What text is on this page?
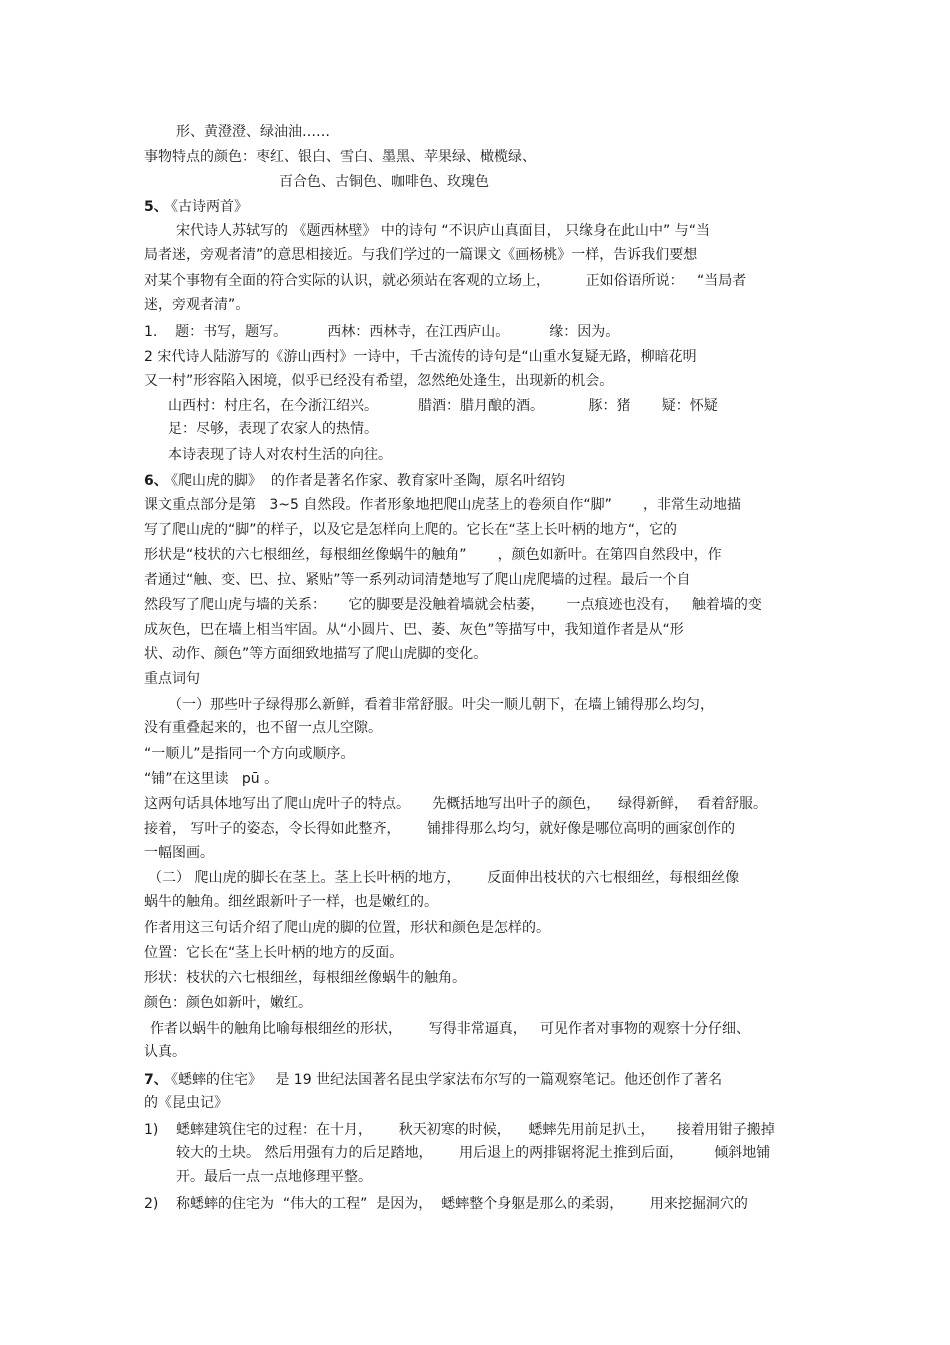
形、黄澄澄、绿油油……

事物特点的颜色：枣红、银白、雪白、墨黑、苹果绿、橄榄绿、

百合色、古铜色、咖啡色、玫瑰色

5、

《古诗两首》

宋代诗人苏轼写的 《题西林壁》 中的诗句 “不识庐山真面目， 只缘身在此山中” 与“当

局者迷，旁观者清”的意思相接近。与我们学过的一篇课文《画杨桃》一样，告诉我们要想

对某个事物有全面的符合实际的认识，就必须站在客观的立场上，        正如俗语所说：   “当局者

迷，旁观者清”。

1.    题：书写，题写。         西林：西林寺，在江西庐山。         缘：因为。

2 宋代诗人陆游写的《游山西村》一诗中，千古流传的诗句是“山重水复疑无路，柳暗花明

又一村”形容陷入困境，似乎已经没有希望，忽然绝处逢生，出现新的机会。

山西村：村庄名，在今浙江绍兴。         腊酒：腊月酿的酒。          豚：猪       疑：怀疑

足：尽够，表现了农家人的热情。

本诗表现了诗人对农村生活的向往。

6、

《爬山虎的脚》  的作者是著名作家、教育家叶圣陶，原名叶绍钧

课文重点部分是第   3~5 自然段。作者形象地把爬山虎茎上的卷须自作“脚”       ，非常生动地描

写了爬山虎的“脚”的样子，以及它是怎样向上爬的。它长在“茎上长叶柄的地方“，它的

形状是“枝状的六七根细丝，每根细丝像蜗牛的触角”       ，颜色如新叶。在第四自然段中，作

者通过“触、变、巴、拉、紧贴”等一系列动词清楚地写了爬山虎爬墙的过程。最后一个自

然段写了爬山虎与墙的关系：     它的脚要是没触着墙就会枯萎，     一点痕迹也没有，   触着墙的变

成灰色，巴在墙上相当牢固。从“小圆片、巴、萎、灰色”等描写中，我知道作者是从“形

状、动作、颜色”等方面细致地描写了爬山虎脚的变化。

重点词句

（一）那些叶子绿得那么新鲜，看着非常舒服。叶尖一顺儿朝下，在墙上铺得那么均匀，

没有重叠起来的，也不留一点儿空隙。

“一顺儿”是指同一个方向或顺序。

“铺”在这里读   pū 。

这两句话具体地写出了爬山虎叶子的特点。     先概括地写出叶子的颜色，    绿得新鲜，  看着舒服。

接着， 写叶子的姿态，令长得如此整齐，      铺排得那么均匀，就好像是哪位高明的画家创作的

一幅图画。

（二） 爬山虎的脚长在茎上。茎上长叶柄的地方，      反面伸出枝状的六七根细丝，每根细丝像

蜗牛的触角。细丝跟新叶子一样，也是嫩红的。

作者用这三句话介绍了爬山虎的脚的位置，形状和颜色是怎样的。

位置：它长在“茎上长叶柄的地方的反面。

形状：枝状的六七根细丝，每根细丝像蜗牛的触角。

颜色：颜色如新叶，嫩红。

作者以蜗牛的触角比喻每根细丝的形状，      写得非常逼真，   可见作者对事物的观察十分仔细、

认真。

7、

《蟋蟀的住宅》   是 19 世纪法国著名昆虫学家法布尔写的一篇观察笔记。他还创作了著名

的《昆虫记》

1) 蟋蟀建筑住宅的过程：在十月，      秋天初寒的时候，    蟋蟀先用前足扒土，     接着用钳子搬掉

较大的土块。 然后用强有力的后足踏地，      用后退上的两排锯将泥土推到后面，       倾斜地铺

开。最后一点一点地修理平整。

2) 称蟋蟀的住宅为  “伟大的工程”  是因为，  蟋蟀整个身躯是那么的柔弱，      用来挖掘洞穴的
